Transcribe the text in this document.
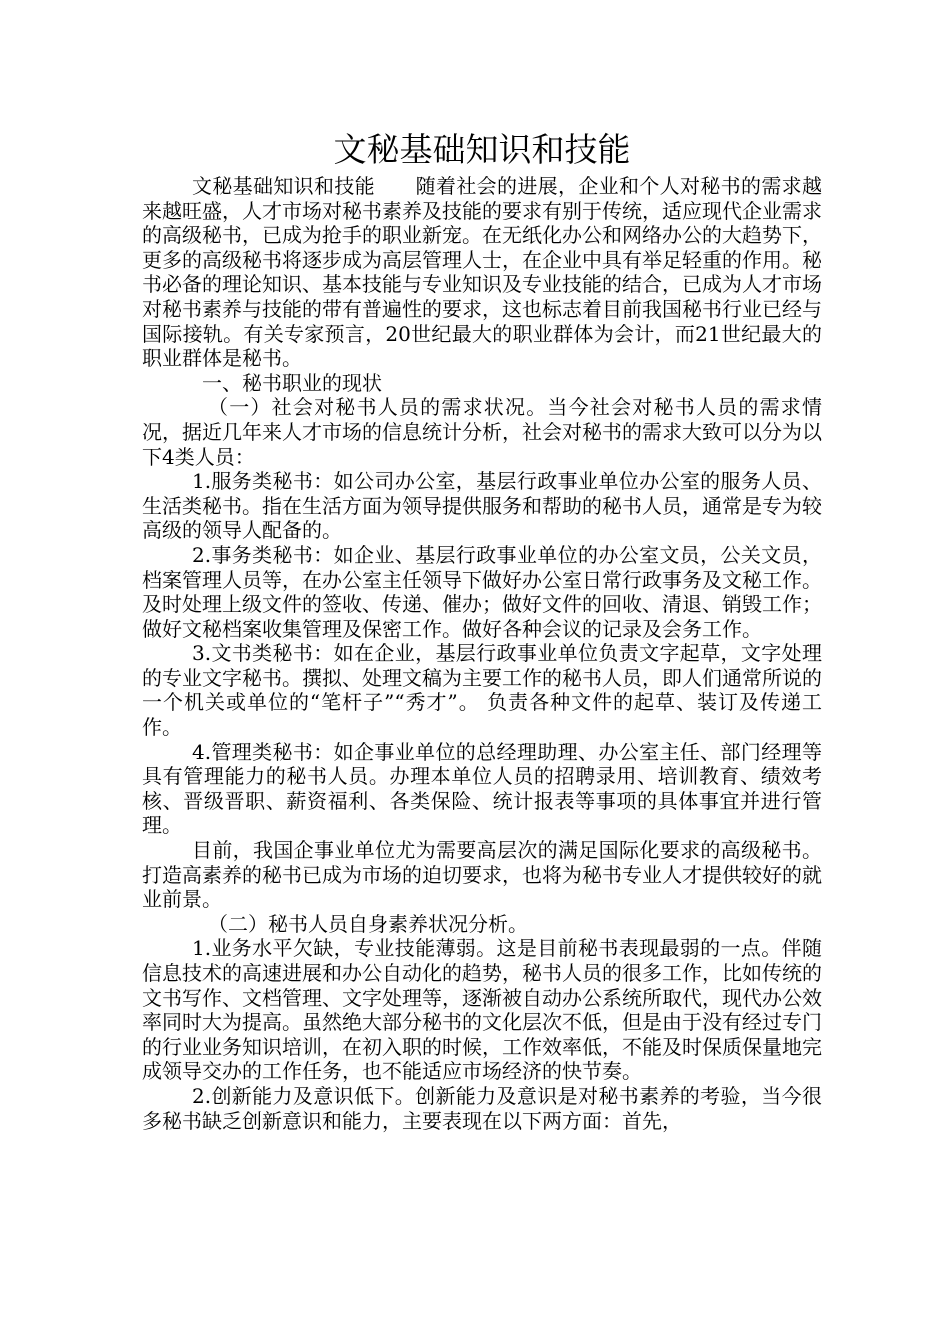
文秘基础知识和技能

文秘基础知识和技能　　随着社会的进展，企业和个人对秘书的需求越来越旺盛，人才市场对秘书素养及技能的要求有别于传统，适应现代企业需求的高级秘书，已成为抢手的职业新宠。在无纸化办公和网络办公的大趋势下，更多的高级秘书将逐步成为高层管理人士，在企业中具有举足轻重的作用。秘书必备的理论知识、基本技能与专业知识及专业技能的结合，已成为人才市场对秘书素养与技能的带有普遍性的要求，这也标志着目前我国秘书行业已经与国际接轨。有关专家预言，20世纪最大的职业群体为会计，而21世纪最大的职业群体是秘书。

一、秘书职业的现状

（一）社会对秘书人员的需求状况。当今社会对秘书人员的需求情况，据近几年来人才市场的信息统计分析，社会对秘书的需求大致可以分为以下4类人员：

1.服务类秘书：如公司办公室，基层行政事业单位办公室的服务人员、生活类秘书。指在生活方面为领导提供服务和帮助的秘书人员，通常是专为较高级的领导人配备的。

2.事务类秘书：如企业、基层行政事业单位的办公室文员，公关文员，档案管理人员等，在办公室主任领导下做好办公室日常行政事务及文秘工作。及时处理上级文件的签收、传递、催办；做好文件的回收、清退、销毁工作；做好文秘档案收集管理及保密工作。做好各种会议的记录及会务工作。

3.文书类秘书：如在企业，基层行政事业单位负责文字起草，文字处理的专业文字秘书。撰拟、处理文稿为主要工作的秘书人员，即人们通常所说的一个机关或单位的“笔杆子”“秀才”。 负责各种文件的起草、装订及传递工作。

4.管理类秘书：如企事业单位的总经理助理、办公室主任、部门经理等具有管理能力的秘书人员。办理本单位人员的招聘录用、培训教育、绩效考核、晋级晋职、薪资福利、各类保险、统计报表等事项的具体事宜并进行管理。

目前，我国企事业单位尤为需要高层次的满足国际化要求的高级秘书。打造高素养的秘书已成为市场的迫切要求，也将为秘书专业人才提供较好的就业前景。

（二）秘书人员自身素养状况分析。

1.业务水平欠缺，专业技能薄弱。这是目前秘书表现最弱的一点。伴随信息技术的高速进展和办公自动化的趋势，秘书人员的很多工作，比如传统的文书写作、文档管理、文字处理等，逐渐被自动办公系统所取代，现代办公效率同时大为提高。虽然绝大部分秘书的文化层次不低，但是由于没有经过专门的行业业务知识培训，在初入职的时候，工作效率低，不能及时保质保量地完成领导交办的工作任务，也不能适应市场经济的快节奏。

2.创新能力及意识低下。创新能力及意识是对秘书素养的考验，当今很多秘书缺乏创新意识和能力，主要表现在以下两方面：首先，
